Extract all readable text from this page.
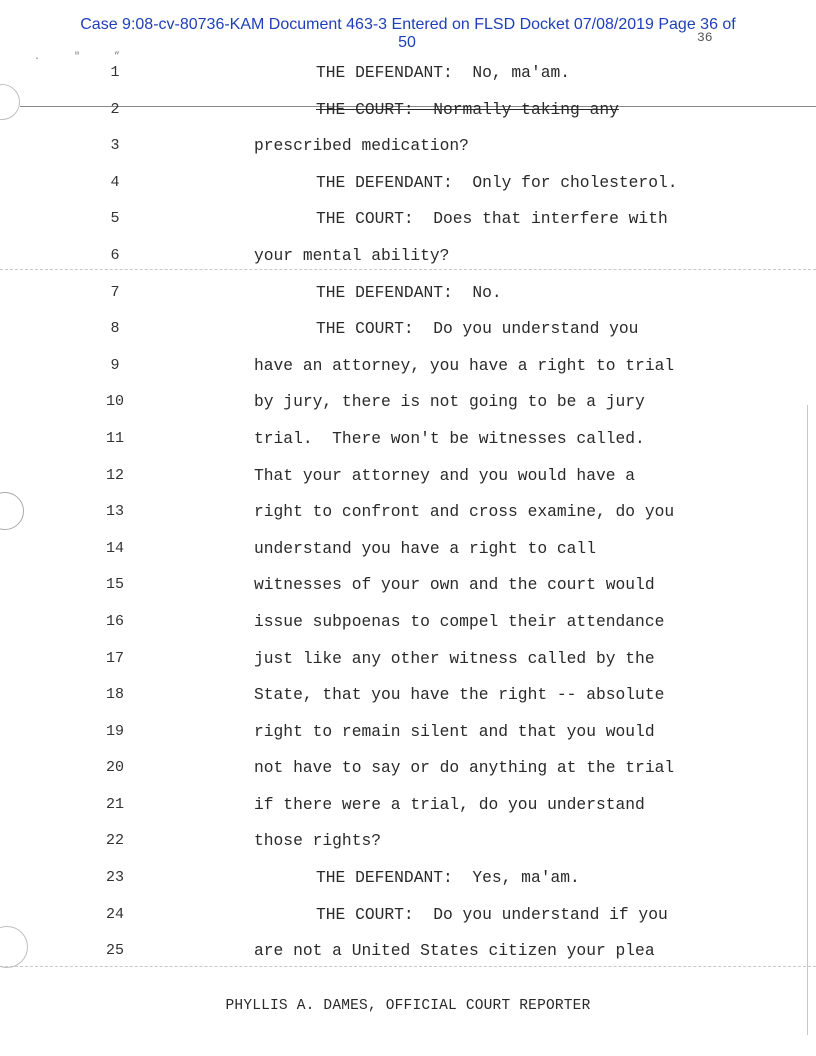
Case 9:08-cv-80736-KAM Document 463-3 Entered on FLSD Docket 07/08/2019 Page 36 of
50	36
. ″ ”
1	THE DEFENDANT:  No, ma'am.
2	THE COURT:  Normally taking any
3	prescribed medication?
4	THE DEFENDANT:  Only for cholesterol.
5	THE COURT:  Does that interfere with
6	your mental ability?
7	THE DEFENDANT:  No.
8	THE COURT:  Do you understand you
9	have an attorney, you have a right to trial
10	by jury, there is not going to be a jury
11	trial.  There won't be witnesses called.
12	That your attorney and you would have a
13	right to confront and cross examine, do you
14	understand you have a right to call
15	witnesses of your own and the court would
16	issue subpoenas to compel their attendance
17	just like any other witness called by the
18	State, that you have the right -- absolute
19	right to remain silent and that you would
20	not have to say or do anything at the trial
21	if there were a trial, do you understand
22	those rights?
23	THE DEFENDANT:  Yes, ma'am.
24	THE COURT:  Do you understand if you
25	are not a United States citizen your plea
PHYLLIS A. DAMES, OFFICIAL COURT REPORTER
